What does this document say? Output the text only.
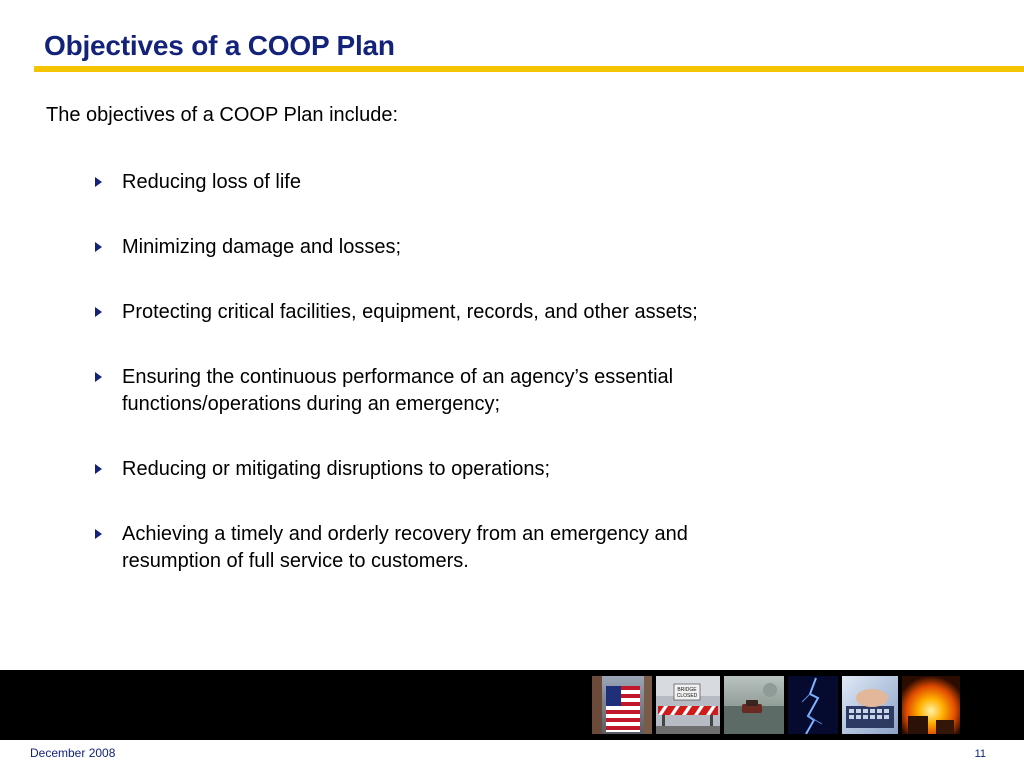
Objectives of a COOP Plan
The objectives of a COOP Plan include:
Reducing loss of life
Minimizing damage and losses;
Protecting critical facilities, equipment, records, and other assets;
Ensuring the continuous performance of an agency’s essential functions/operations during an emergency;
Reducing or mitigating disruptions to operations;
Achieving a timely and orderly recovery from an emergency and resumption of full service to customers.
BRIDGE
CLOSED
December 2008	11
